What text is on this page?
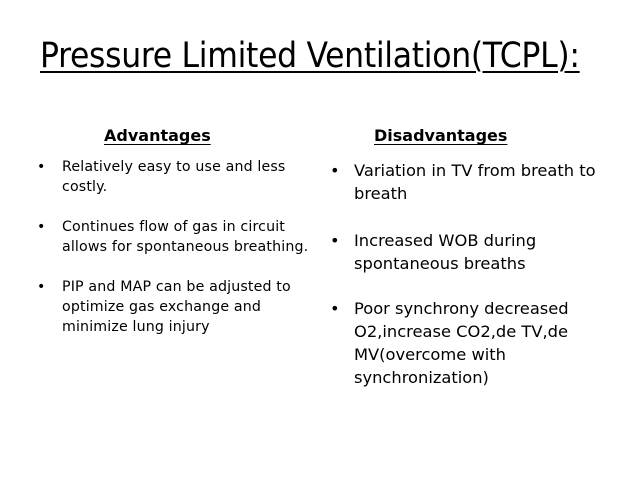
Pressure Limited Ventilation(TCPL):
Advantages	Disadvantages
• Relatively easy to use and less costly.
• Continues flow of gas in circuit allows for spontaneous breathing.
• PIP and MAP can be adjusted to optimize gas exchange and minimize lung injury
• Variation in TV from breath to breath
• Increased WOB during spontaneous breaths
• Poor synchrony decreased O2,increase CO2,de TV,de MV(overcome with synchronization)
